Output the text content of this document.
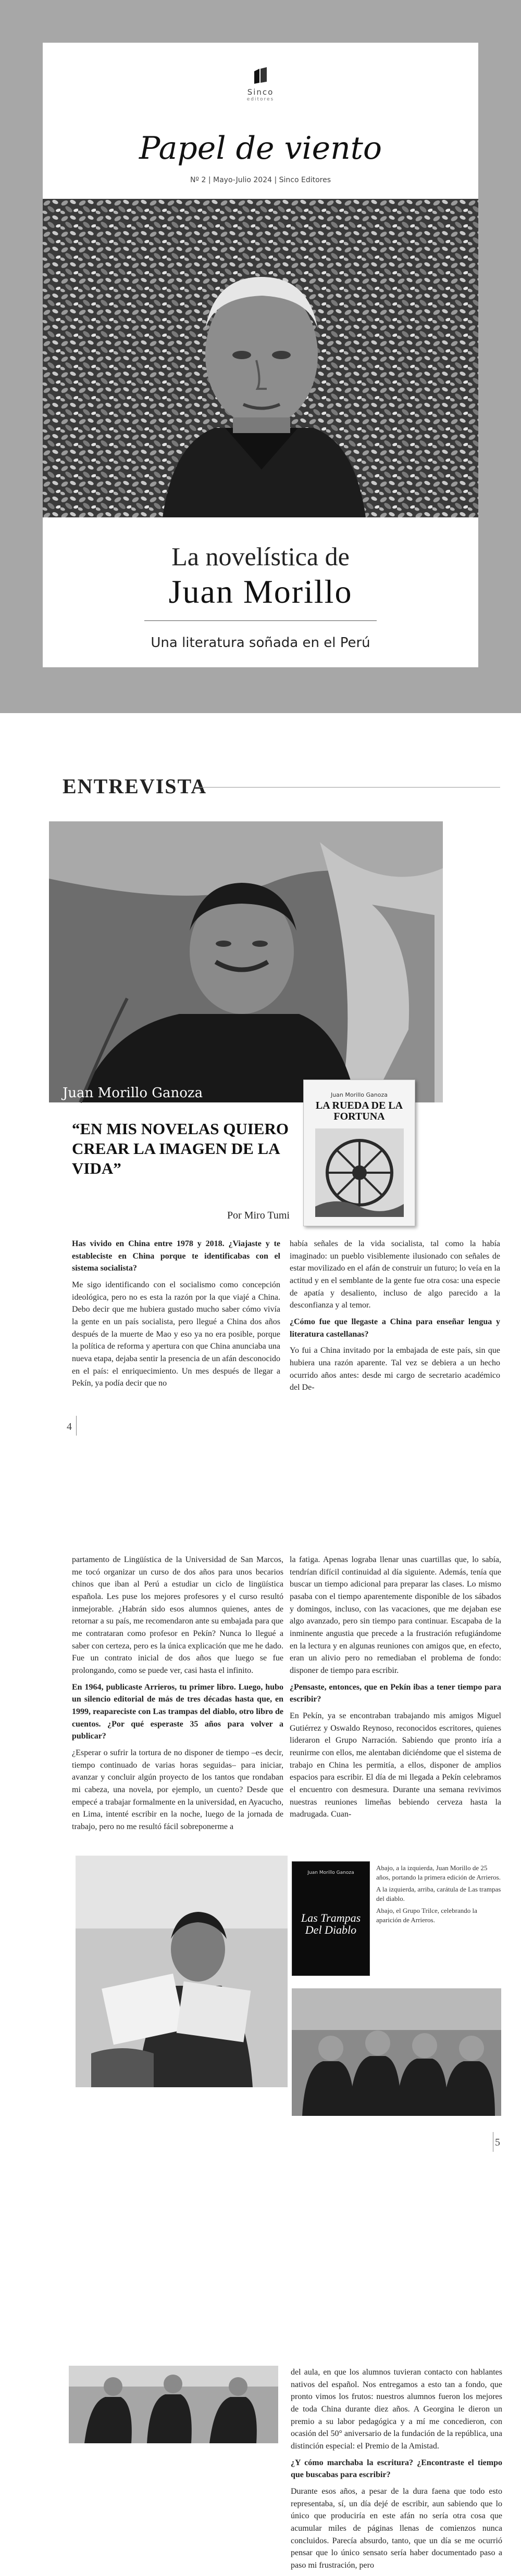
Sinco
editores
Papel de viento
Nº 2 | Mayo-Julio 2024 | Sinco Editores
La novelística de
Juan Morillo
Una literatura soñada en el Perú
ENTREVISTA
Juan Morillo Ganoza	Juan Morillo Ganoza
LA RUEDA DE LA FORTUNA
“EN MIS NOVELAS QUIERO CREAR LA IMAGEN DE LA VIDA”
Por Miro Tumi

Has vivido en China entre 1978 y 2018. ¿Viajaste y te estableciste en China porque te identificabas con el sistema socialista?

Me sigo identificando con el socialismo como concepción ideológica, pero no es esta la razón por la que viajé a China. Debo decir que me hubiera gustado mucho saber cómo vivía la gente en un país socialista, pero llegué a China dos años después de la muerte de Mao y eso ya no era posible, porque la política de reforma y apertura con que China anunciaba una nueva etapa, dejaba sentir la presencia de un afán desconocido en el país: el enriquecimiento. Un mes después de llegar a Pekín, ya podía decir que no

había señales de la vida socialista, tal como la había imaginado: un pueblo visiblemente ilusionado con señales de estar movilizado en el afán de construir un futuro; lo veía en la actitud y en el semblante de la gente fue otra cosa: una especie de apatía y desaliento, incluso de algo parecido a la desconfianza y al temor.

¿Cómo fue que llegaste a China para enseñar lengua y literatura castellanas?

Yo fui a China invitado por la embajada de este país, sin que hubiera una razón aparente. Tal vez se debiera a un hecho ocurrido años antes: desde mi cargo de secretario académico del De-

4

partamento de Lingüística de la Universidad de San Marcos, me tocó organizar un curso de dos años para unos becarios chinos que iban al Perú a estudiar un ciclo de lingüística española. Les puse los mejores profesores y el curso resultó inmejorable. ¿Habrán sido esos alumnos quienes, antes de retornar a su país, me recomendaron ante su embajada para que me contrataran como profesor en Pekín? Nunca lo llegué a saber con certeza, pero es la única explicación que me he dado. Fue un contrato inicial de dos años que luego se fue prolongando, como se puede ver, casi hasta el infinito.

En 1964, publicaste Arrieros, tu primer libro. Luego, hubo un silencio editorial de más de tres décadas hasta que, en 1999, reapareciste con Las trampas del diablo, otro libro de cuentos. ¿Por qué esperaste 35 años para volver a publicar?

¿Esperar o sufrir la tortura de no disponer de tiempo –es decir, tiempo continuado de varias horas seguidas– para iniciar, avanzar y concluir algún proyecto de los tantos que rondaban mi cabeza, una novela, por ejemplo, un cuento? Desde que empecé a trabajar formalmente en la universidad, en Ayacucho, en Lima, intenté escribir en la noche, luego de la jornada de trabajo, pero no me resultó fácil sobreponerme a

la fatiga. Apenas lograba llenar unas cuartillas que, lo sabía, tendrían difícil continuidad al día siguiente. Además, tenía que buscar un tiempo adicional para preparar las clases. Lo mismo pasaba con el tiempo aparentemente disponible de los sábados y domingos, incluso, con las vacaciones, que me dejaban ese algo avanzado, pero sin tiempo para continuar. Escapaba de la inminente angustia que precede a la frustración refugiándome en la lectura y en algunas reuniones con amigos que, en efecto, eran un alivio pero no remediaban el problema de fondo: disponer de tiempo para escribir.

¿Pensaste, entonces, que en Pekín ibas a tener tiempo para escribir?

En Pekín, ya se encontraban trabajando mis amigos Miguel Gutiérrez y Oswaldo Reynoso, reconocidos escritores, quienes lideraron el Grupo Narración. Sabiendo que pronto iría a reunirme con ellos, me alentaban diciéndome que el sistema de trabajo en China les permitía, a ellos, disponer de amplios espacios para escribir. El día de mi llegada a Pekín celebramos el encuentro con desmesura. Durante una semana revivimos nuestras reuniones limeñas bebiendo cerveza hasta la madrugada. Cuan-

Juan Morillo Ganoza
Las Trampas Del Diablo

Abajo, a la izquierda, Juan Morillo de 25 años, portando la primera edición de Arrieros.

A la izquierda, arriba, carátula de Las trampas del diablo.

Abajo, el Grupo Trilce, celebrando la aparición de Arrieros.

5

del aula, en que los alumnos tuvieran contacto con hablantes nativos del español. Nos entregamos a esto tan a fondo, que pronto vimos los frutos: nuestros alumnos fueron los mejores de toda China durante diez años. A Georgina le dieron un premio a su labor pedagógica y a mí me concedieron, con ocasión del 50° aniversario de la fundación de la república, una distinción especial: el Premio de la Amistad.

¿Y cómo marchaba la escritura? ¿Encontraste el tiempo que buscabas para escribir?

Durante esos años, a pesar de la dura faena que todo esto representaba, sí, un día dejé de escribir, aun sabiendo que lo único que produciría en este afán no sería otra cosa que acumular miles de páginas llenas de comienzos nunca concluidos. Parecía absurdo, tanto, que un día se me ocurrió pensar que lo único sensato sería haber documentado paso a paso mi frustración, pero
